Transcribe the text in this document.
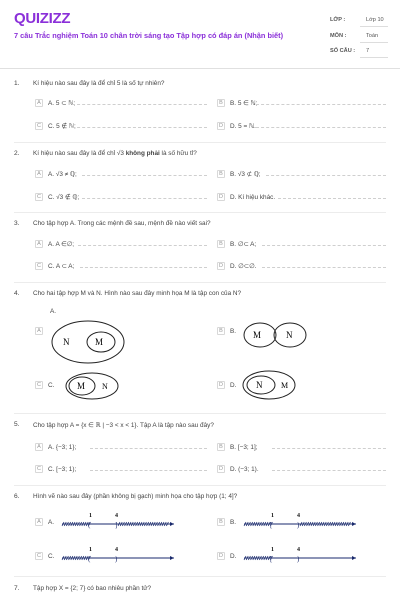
QUIZIZZ
7 câu Trắc nghiệm Toán 10 chân trời sáng tạo Tập hợp có đáp án (Nhận biết)
LỚP :	Lớp 10
MÔN :	Toán
SỐ CÂU : 7
1. Kí hiệu nào sau đây là để chỉ 5 là số tự nhiên?
A	A. 5 ⊂ ℕ;	B	B. 5 ∈ ℕ;
C	C. 5 ∉ ℕ;	D	D. 5 = ℕ.
2. Kí hiệu nào sau đây là để chỉ √3 không phải là số hữu tỉ?
A	A. √3 ≠ ℚ;	B	B. √3 ⊄ ℚ;
C	C. √3 ∉ ℚ;	D	D. Kí hiệu khác.
3. Cho tập hợp A. Trong các mệnh đề sau, mệnh đề nào viết sai?
A	A. A ∈∅;	B	B. ∅⊂ A;
C	C. A ⊂ A;	D	D. ∅⊂∅.
4. Cho hai tập hợp M và N. Hình nào sau đây minh họa M là tập con của N?
A.
A
N	M
B	B. M	N
C	C.	M N	D	D. N M
5. Cho tập hợp A = {x ∈ ℝ | −3 < x < 1}. Tập A là tập nào sau đây?
A	A. {−3; 1};	B	B. [−3; 1];
C	C. [−3; 1);	D	D. (−3; 1).
6. Hình vẽ nào sau đây (phần không bị gạch) minh họa cho tập hợp (1; 4]?
A	A.	(	]
1	4
B	B.	[	)
1	4
C	C.	(	)
1	4
D	D.	[	)
1	4
7. Tập hợp X = {2; 7} có bao nhiêu phần tử?
